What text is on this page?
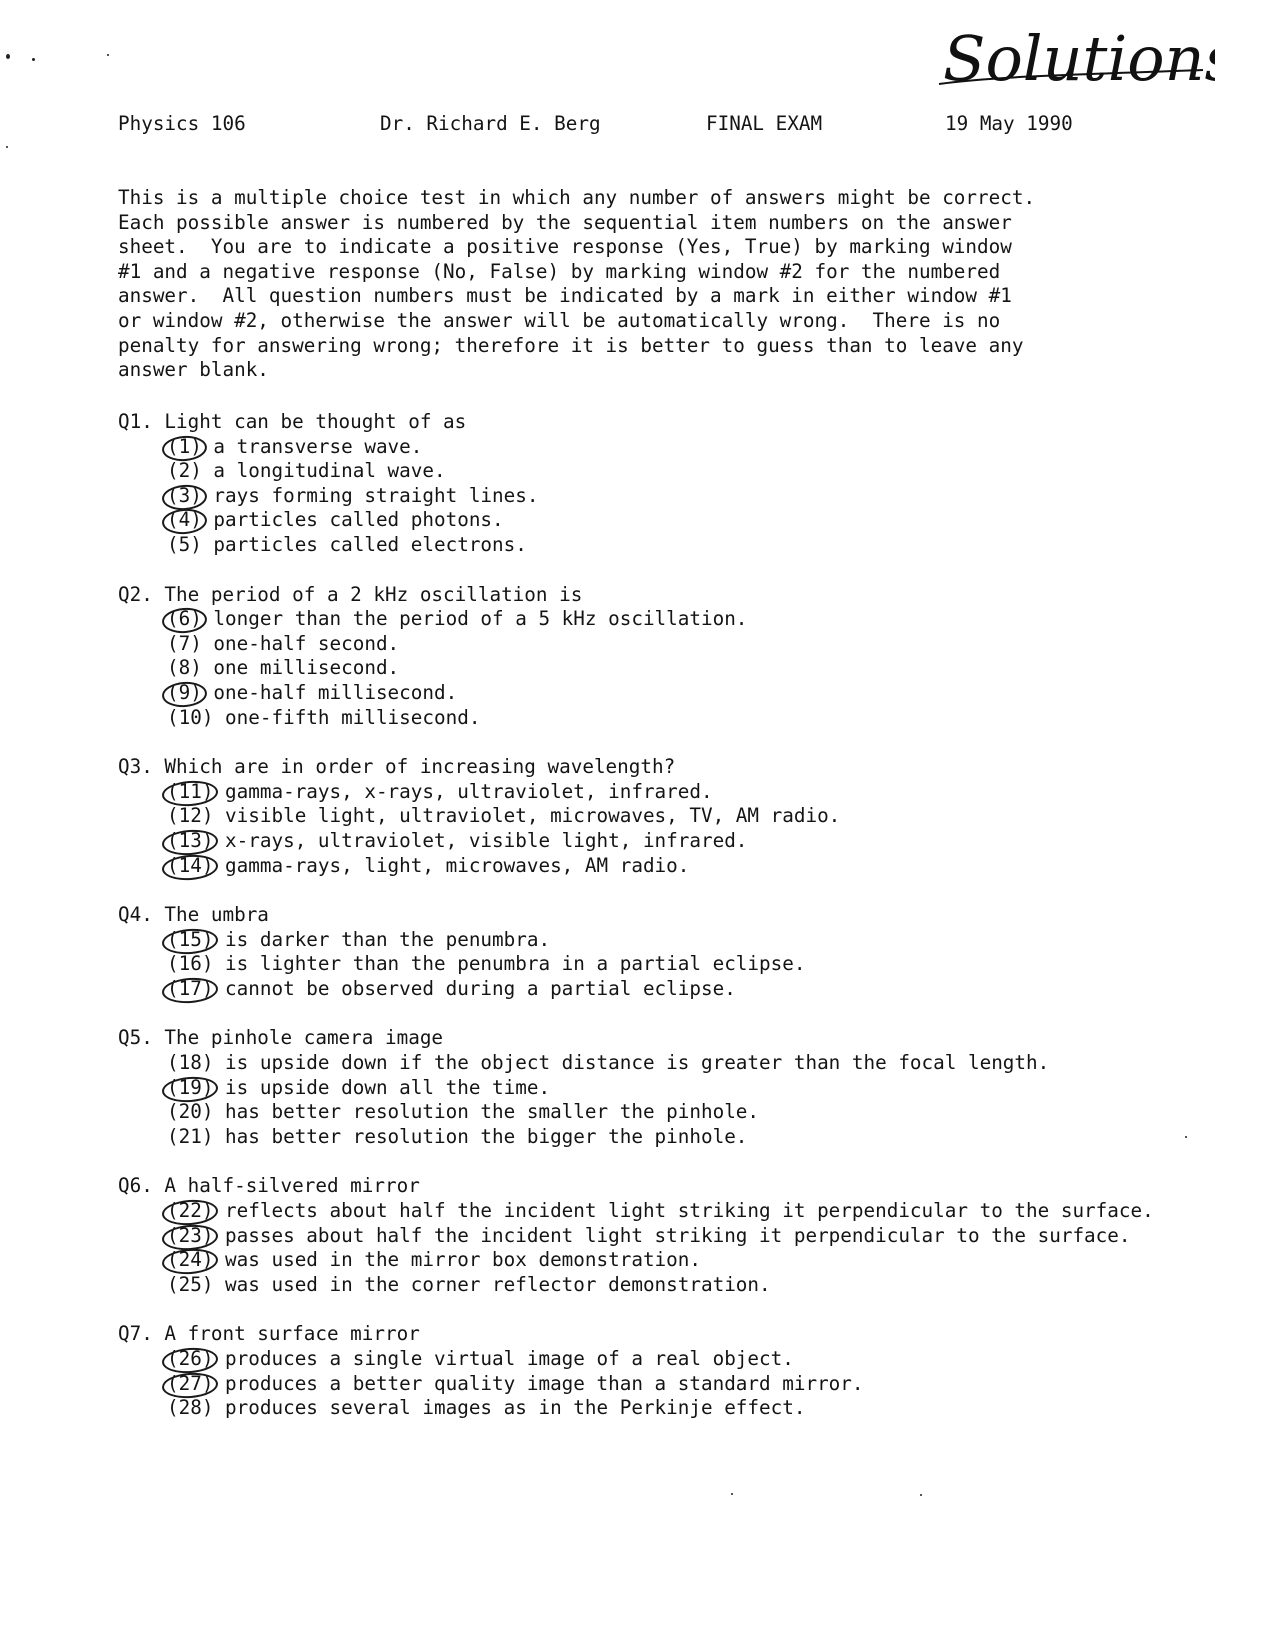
Solutions
Physics 106	Dr. Richard E. Berg	FINAL EXAM	19 May 1990

This is a multiple choice test in which any number of answers might be correct.
Each possible answer is numbered by the sequential item numbers on the answer
sheet.  You are to indicate a positive response (Yes, True) by marking window
#1 and a negative response (No, False) by marking window #2 for the numbered
answer.  All question numbers must be indicated by a mark in either window #1
or window #2, otherwise the answer will be automatically wrong.  There is no
penalty for answering wrong; therefore it is better to guess than to leave any
answer blank.

Q1. Light can be thought of as
(1) a transverse wave.
(2) a longitudinal wave.
(3) rays forming straight lines.
(4) particles called photons.
(5) particles called electrons.
Q2. The period of a 2 kHz oscillation is
(6) longer than the period of a 5 kHz oscillation.
(7) one-half second.
(8) one millisecond.
(9) one-half millisecond.
(10) one-fifth millisecond.
Q3. Which are in order of increasing wavelength?
(11) gamma-rays, x-rays, ultraviolet, infrared.
(12) visible light, ultraviolet, microwaves, TV, AM radio.
(13) x-rays, ultraviolet, visible light, infrared.
(14) gamma-rays, light, microwaves, AM radio.
Q4. The umbra
(15) is darker than the penumbra.
(16) is lighter than the penumbra in a partial eclipse.
(17) cannot be observed during a partial eclipse.
Q5. The pinhole camera image
(18) is upside down if the object distance is greater than the focal length.
(19) is upside down all the time.
(20) has better resolution the smaller the pinhole.
(21) has better resolution the bigger the pinhole.
Q6. A half-silvered mirror
(22) reflects about half the incident light striking it perpendicular to the surface.
(23) passes about half the incident light striking it perpendicular to the surface.
(24) was used in the mirror box demonstration.
(25) was used in the corner reflector demonstration.
Q7. A front surface mirror
(26) produces a single virtual image of a real object.
(27) produces a better quality image than a standard mirror.
(28) produces several images as in the Perkinje effect.
